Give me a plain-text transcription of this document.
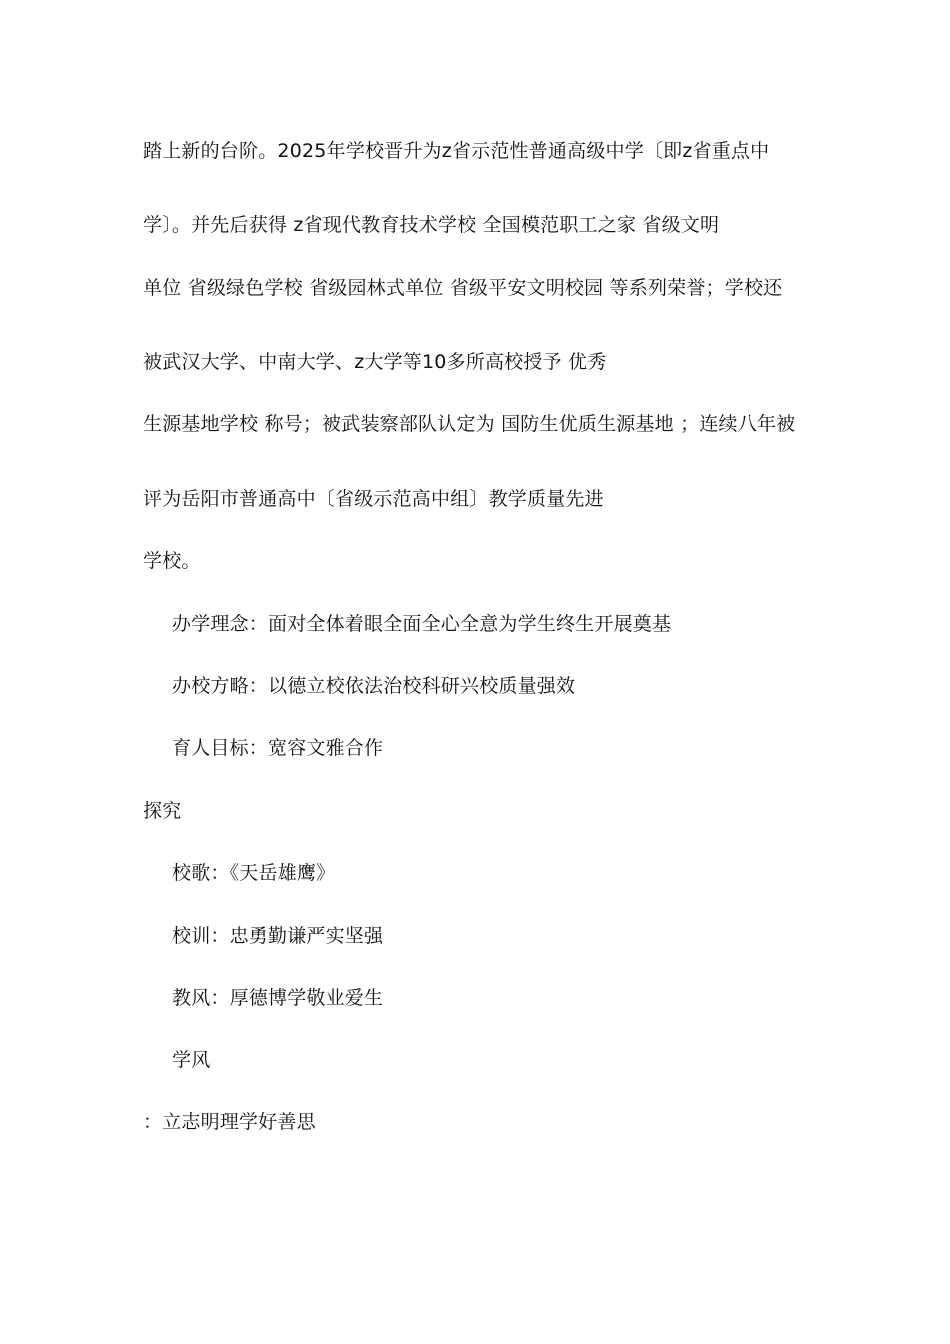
踏上新的台阶。2025年学校晋升为z省示范性普通高级中学〔即z省重点中
学〕。并先后获得 z省现代教育技术学校 全国模范职工之家 省级文明
单位 省级绿色学校 省级园林式单位 省级平安文明校园 等系列荣誉；学校还
被武汉大学、中南大学、z大学等10多所高校授予 优秀
生源基地学校 称号；被武装察部队认定为 国防生优质生源基地 ；连续八年被
评为岳阳市普通高中〔省级示范高中组〕教学质量先进
学校。
办学理念：面对全体着眼全面全心全意为学生终生开展奠基
办校方略：以德立校依法治校科研兴校质量强效
育人目标：宽容文雅合作
探究
校歌：《天岳雄鹰》
校训：忠勇勤谦严实坚强
教风：厚德博学敬业爱生
学风
：立志明理学好善思
